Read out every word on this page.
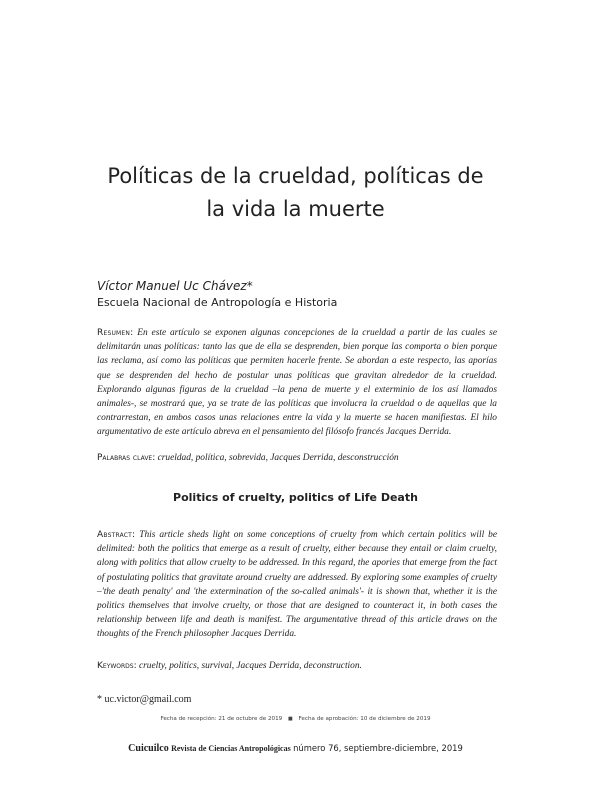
Políticas de la crueldad, políticas de
la vida la muerte
Víctor Manuel Uc Chávez*
Escuela Nacional de Antropología e Historia

Resumen: En este artículo se exponen algunas concepciones de la crueldad a partir de las cuales se delimitarán unas políticas: tanto las que de ella se desprenden, bien porque las comporta o bien porque las reclama, así como las políticas que permiten hacerle frente. Se abordan a este respecto, las aporías que se desprenden del hecho de postular unas políticas que gravitan alrededor de la crueldad. Explorando algunas figuras de la crueldad –la pena de muerte y el exterminio de los así llamados animales-, se mostrará que, ya se trate de las políticas que involucra la crueldad o de aquellas que la contrarrestan, en ambos casos unas relaciones entre la vida y la muerte se hacen manifiestas. El hilo argumentativo de este artículo abreva en el pensamiento del filósofo francés Jacques Derrida.

Palabras clave: crueldad, política, sobrevida, Jacques Derrida, desconstrucción

Politics of cruelty, politics of Life Death

Abstract: This article sheds light on some conceptions of cruelty from which certain politics will be delimited: both the politics that emerge as a result of cruelty, either because they entail or claim cruelty, along with politics that allow cruelty to be addressed. In this regard, the apories that emerge from the fact of postulating politics that gravitate around cruelty are addressed. By exploring some examples of cruelty –'the death penalty' and 'the extermination of the so-called animals'- it is shown that, whether it is the politics themselves that involve cruelty, or those that are designed to counteract it, in both cases the relationship between life and death is manifest. The argumentative thread of this article draws on the thoughts of the French philosopher Jacques Derrida.

Keywords: cruelty, politics, survival, Jacques Derrida, deconstruction.

* uc.victor@gmail.com
Fecha de recepción: 21 de octubre de 2019 ■ Fecha de aprobación: 10 de diciembre de 2019
Cuicuilco Revista de Ciencias Antropológicas número 76, septiembre-diciembre, 2019
